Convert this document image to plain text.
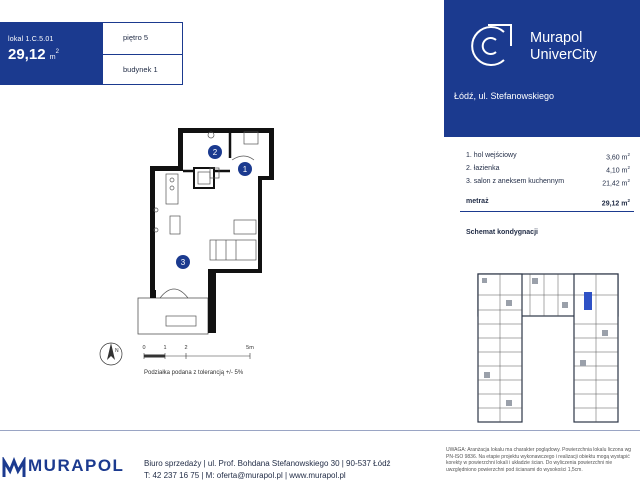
lokal 1.C.5.01
29,12 $m^2$
piętro 5
budynek 1
Murapol
UniverCity
Łódź, ul. Stefanowskiego
1. hol wejściowy	3,60 $m^2$
2. łazienka	4,10 $m^2$
3. salon z aneksem kuchennym	21,42 $m^2$
metraż	29,12 $m^2$
Schemat kondygnacji
1
2
3
N	0	1	2	5m
Podziałka podana z tolerancją +/- 5%
MURAPOL Biuro sprzedaży | ul. Prof. Bohdana Stefanowskiego 30 | 90-537 Łódź
T: 42 237 16 75 | M: oferta@murapol.pl | www.murapol.pl
UWAGA: Aranżacja lokalu ma charakter poglądowy. Powierzchnia lokalu liczona wg PN-ISO 9836. Na etapie projektu wykonawczego i realizacji obiektu mogą wystąpić korekty w powierzchni lokali i układzie ścian. Do wyliczenia powierzchni nie uwzględniono powierzchni pod ścianami do wysokości 1,5cm.
